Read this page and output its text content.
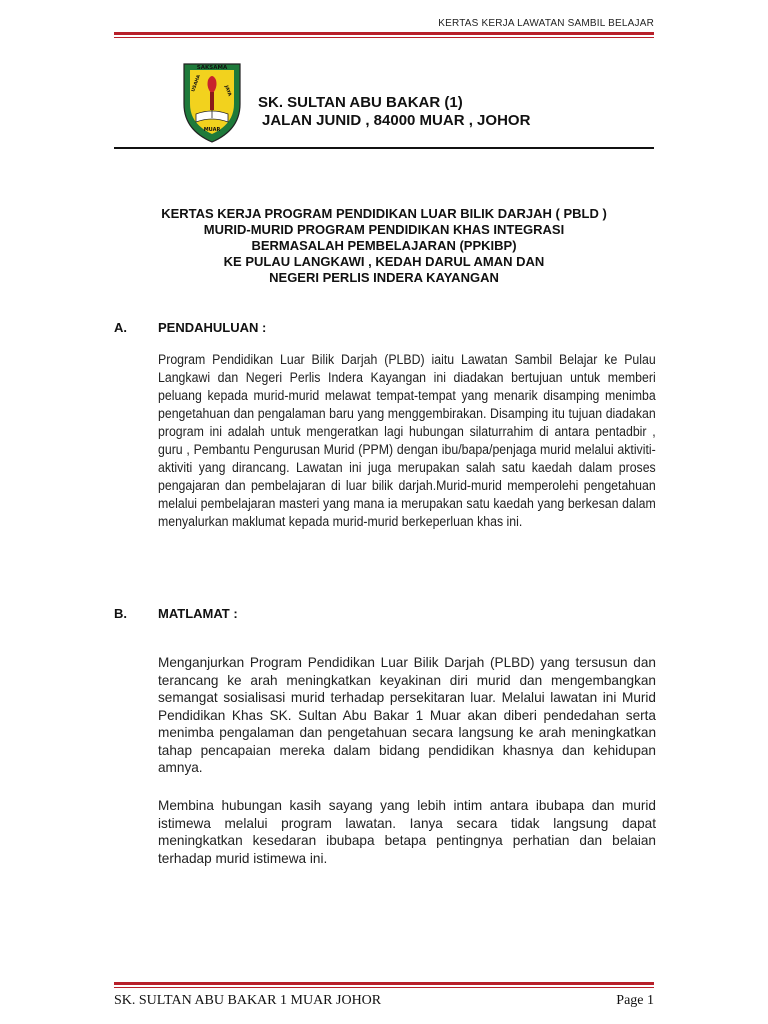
KERTAS KERJA LAWATAN SAMBIL BELAJAR
SAKSAMA
USAHA	JAYA
MUAR
SK. SULTAN ABU BAKAR (1)
JALAN JUNID , 84000 MUAR , JOHOR
KERTAS KERJA PROGRAM PENDIDIKAN LUAR BILIK DARJAH ( PBLD )
MURID-MURID PROGRAM PENDIDIKAN KHAS INTEGRASI
BERMASALAH PEMBELAJARAN (PPKIBP)
KE PULAU LANGKAWI , KEDAH DARUL AMAN DAN
NEGERI PERLIS INDERA KAYANGAN
A. PENDAHULUAN :
Program Pendidikan Luar Bilik Darjah (PLBD) iaitu Lawatan Sambil Belajar ke Pulau Langkawi dan Negeri Perlis Indera Kayangan ini diadakan bertujuan untuk memberi peluang kepada murid-murid melawat tempat-tempat yang menarik disamping menimba pengetahuan dan pengalaman baru yang menggembirakan. Disamping itu tujuan diadakan program ini adalah untuk mengeratkan lagi hubungan silaturrahim di antara pentadbir , guru , Pembantu Pengurusan Murid (PPM) dengan ibu/bapa/penjaga murid melalui aktiviti-aktiviti yang dirancang. Lawatan ini juga merupakan salah satu kaedah dalam proses pengajaran dan pembelajaran di luar bilik darjah.Murid-murid memperolehi pengetahuan melalui pembelajaran masteri yang mana ia merupakan satu kaedah yang berkesan dalam menyalurkan maklumat kepada murid-murid berkeperluan khas ini.
B. MATLAMAT :
Menganjurkan Program Pendidikan Luar Bilik Darjah (PLBD) yang tersusun dan terancang ke arah meningkatkan keyakinan diri murid dan mengembangkan semangat sosialisasi murid terhadap persekitaran luar. Melalui lawatan ini Murid Pendidikan Khas SK. Sultan Abu Bakar 1 Muar akan diberi pendedahan serta menimba pengalaman dan pengetahuan secara langsung ke arah meningkatkan tahap pencapaian mereka dalam bidang pendidikan khasnya dan kehidupan amnya.
Membina hubungan kasih sayang yang lebih intim antara ibubapa dan murid istimewa melalui program lawatan. Ianya secara tidak langsung dapat meningkatkan kesedaran ibubapa betapa pentingnya perhatian dan belaian terhadap murid istimewa ini.
SK. SULTAN ABU BAKAR 1 MUAR JOHOR	Page 1
